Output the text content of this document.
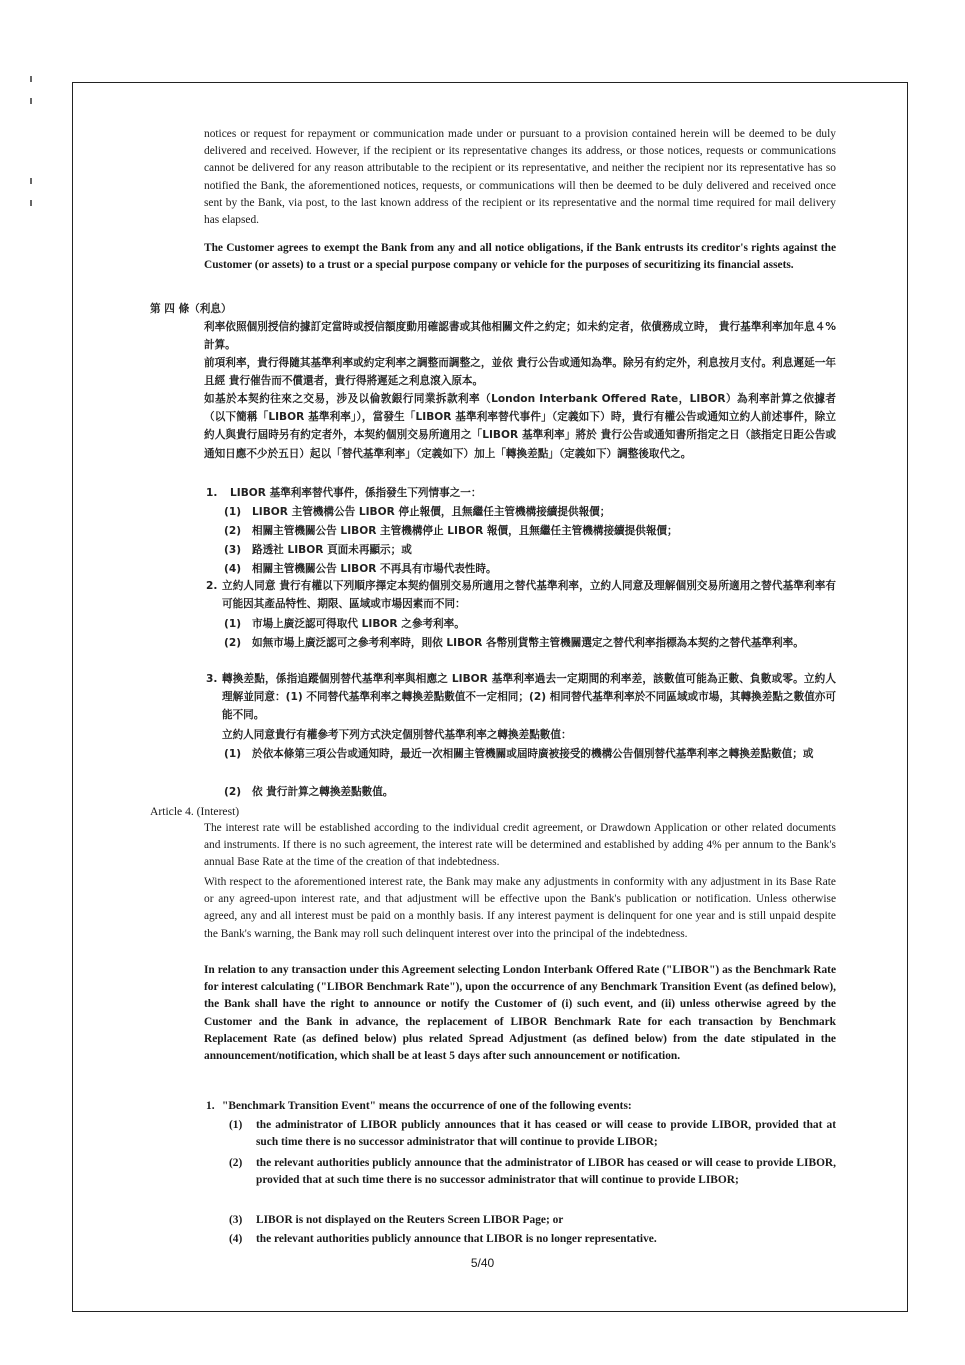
notices or request for repayment or communication made under or pursuant to a provision contained herein will be deemed to be duly delivered and received. However, if the recipient or its representative changes its address, or those notices, requests or communications cannot be delivered for any reason attributable to the recipient or its representative, and neither the recipient nor its representative has so notified the Bank, the aforementioned notices, requests, or communications will then be deemed to be duly delivered and received once sent by the Bank, via post, to the last known address of the recipient or its representative and the normal time required for mail delivery has elapsed.

The Customer agrees to exempt the Bank from any and all notice obligations, if the Bank entrusts its creditor's rights against the Customer (or assets) to a trust or a special purpose company or vehicle for the purposes of securitizing its financial assets.

第 四 條（利息）

利率依照個別授信約據訂定當時或授信額度動用確認書或其他相關文件之約定；如未約定者，依債務成立時， 貴行基準利率加年息４%計算。

前項利率，貴行得隨其基準利率或約定利率之調整而調整之，並依 貴行公告或通知為準。除另有約定外，利息按月支付。利息遲延一年且經 貴行催告而不償還者，貴行得將遲延之利息滾入原本。

如基於本契約往來之交易，涉及以倫敦銀行同業拆款利率（London Interbank Offered Rate，LIBOR）為利率計算之依據者（以下簡稱「LIBOR 基準利率」），當發生「LIBOR 基準利率替代事件」（定義如下）時，貴行有權公告或通知立約人前述事件，除立約人與貴行屆時另有約定者外，本契約個別交易所適用之「LIBOR 基準利率」將於 貴行公告或通知書所指定之日（該指定日距公告或通知日應不少於五日）起以「替代基準利率」（定義如下）加上「轉換差點」（定義如下）調整後取代之。

1. LIBOR 基準利率替代事件，係指發生下列情事之一：

(1) LIBOR 主管機構公告 LIBOR 停止報價，且無繼任主管機構接續提供報價；

(2) 相關主管機關公告 LIBOR 主管機構停止 LIBOR 報價，且無繼任主管機構接續提供報價；

(3) 路透社 LIBOR 頁面未再顯示；或

(4) 相關主管機關公告 LIBOR 不再具有市場代表性時。

2. 立約人同意 貴行有權以下列順序擇定本契約個別交易所適用之替代基準利率，立約人同意及理解個別交易所適用之替代基準利率有可能因其產品特性、期限、區域或市場因素而不同：

(1) 市場上廣泛認可得取代 LIBOR 之參考利率。

(2) 如無市場上廣泛認可之參考利率時，則依 LIBOR 各幣別貨幣主管機關選定之替代利率指標為本契約之替代基準利率。

3. 轉換差點，係指追蹤個別替代基準利率與相應之 LIBOR 基準利率過去一定期間的利率差，該數值可能為正數、負數或零。立約人理解並同意：(1) 不同替代基準利率之轉換差點數值不一定相同；(2) 相同替代基準利率於不同區域或市場，其轉換差點之數值亦可能不同。

立約人同意貴行有權參考下列方式決定個別替代基準利率之轉換差點數值：

(1) 於依本條第三項公告或通知時，最近一次相關主管機關或屆時廣被接受的機構公告個別替代基準利率之轉換差點數值；或

(2) 依 貴行計算之轉換差點數值。

Article 4. (Interest)

The interest rate will be established according to the individual credit agreement, or Drawdown Application or other related documents and instruments. If there is no such agreement, the interest rate will be determined and established by adding 4% per annum to the Bank's annual Base Rate at the time of the creation of that indebtedness.

With respect to the aforementioned interest rate, the Bank may make any adjustments in conformity with any adjustment in its Base Rate or any agreed-upon interest rate, and that adjustment will be effective upon the Bank's publication or notification. Unless otherwise agreed, any and all interest must be paid on a monthly basis. If any interest payment is delinquent for one year and is still unpaid despite the Bank's warning, the Bank may roll such delinquent interest over into the principal of the indebtedness.

In relation to any transaction under this Agreement selecting London Interbank Offered Rate ("LIBOR") as the Benchmark Rate for interest calculating ("LIBOR Benchmark Rate"), upon the occurrence of any Benchmark Transition Event (as defined below), the Bank shall have the right to announce or notify the Customer of (i) such event, and (ii) unless otherwise agreed by the Customer and the Bank in advance, the replacement of LIBOR Benchmark Rate for each transaction by Benchmark Replacement Rate (as defined below) plus related Spread Adjustment (as defined below) from the date stipulated in the announcement/notification, which shall be at least 5 days after such announcement or notification.

1. "Benchmark Transition Event" means the occurrence of one of the following events:

(1) the administrator of LIBOR publicly announces that it has ceased or will cease to provide LIBOR, provided that at such time there is no successor administrator that will continue to provide LIBOR;

(2) the relevant authorities publicly announce that the administrator of LIBOR has ceased or will cease to provide LIBOR, provided that at such time there is no successor administrator that will continue to provide LIBOR;

(3) LIBOR is not displayed on the Reuters Screen LIBOR Page; or

(4) the relevant authorities publicly announce that LIBOR is no longer representative.

5/40
